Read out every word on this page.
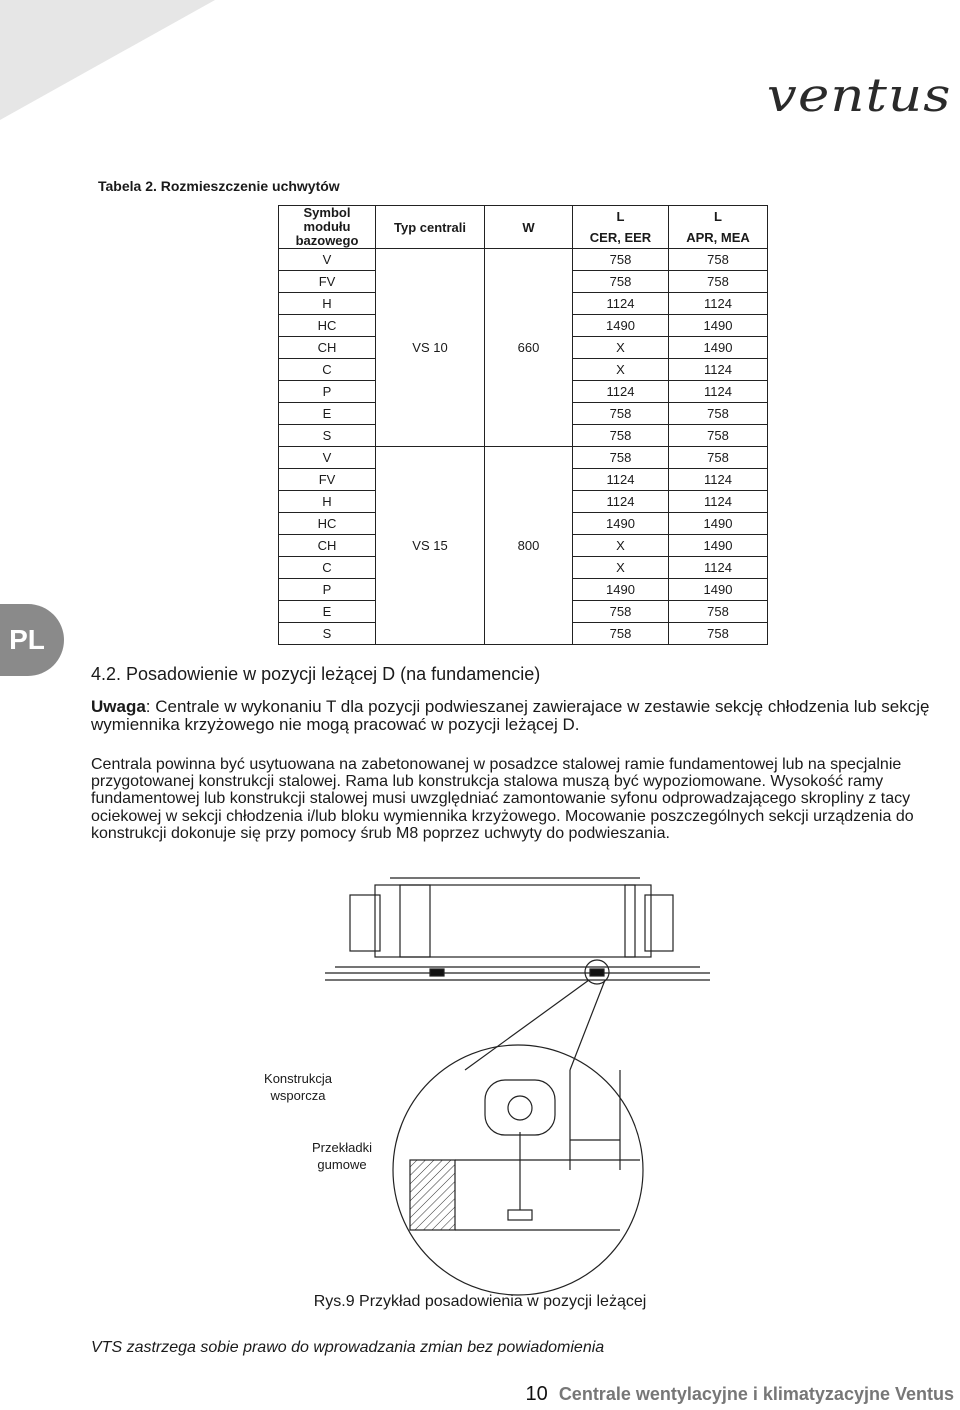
ventus
PL
Tabela 2. Rozmieszczenie uchwytów
Symbol modułu bazowego	Typ centrali	W	L	L
			CER, EER	APR, MEA
V			758	758
FV			758	758
H			1124	1124
HC			1490	1490
CH	VS 10	660	X	1490
C			X	1124
P			1124	1124
E			758	758
S			758	758
V			758	758
FV			1124	1124
H			1124	1124
HC			1490	1490
CH	VS 15	800	X	1490
C			X	1124
P			1490	1490
E			758	758
S			758	758
4.2. Posadowienie w pozycji leżącej D (na fundamencie)
Uwaga: Centrale w wykonaniu T dla pozycji podwieszanej zawierajace w zestawie sekcję chłodzenia lub sekcję wymiennika krzyżowego nie mogą pracować w pozycji leżącej D.
Centrala powinna być usytuowana na zabetonowanej w posadzce stalowej ramie fundamentowej lub na specjalnie przygotowanej konstrukcji stalowej. Rama lub konstrukcja stalowa muszą być wypoziomowane. Wysokość ramy fundamentowej lub konstrukcji stalowej musi uwzględniać zamontowanie syfonu odprowadzającego skropliny z tacy ociekowej w sekcji chłodzenia i/lub bloku wymiennika krzyżowego. Mocowanie poszczególnych sekcji urządzenia do konstrukcji dokonuje się przy pomocy śrub M8 poprzez uchwyty do podwieszania.
Konstrukcja
wsporcza
Przekładki
gumowe
Rys.9 Przykład posadowienia w pozycji leżącej
VTS zastrzega sobie prawo do wprowadzania zmian bez powiadomienia
10 Centrale wentylacyjne i klimatyzacyjne Ventus
